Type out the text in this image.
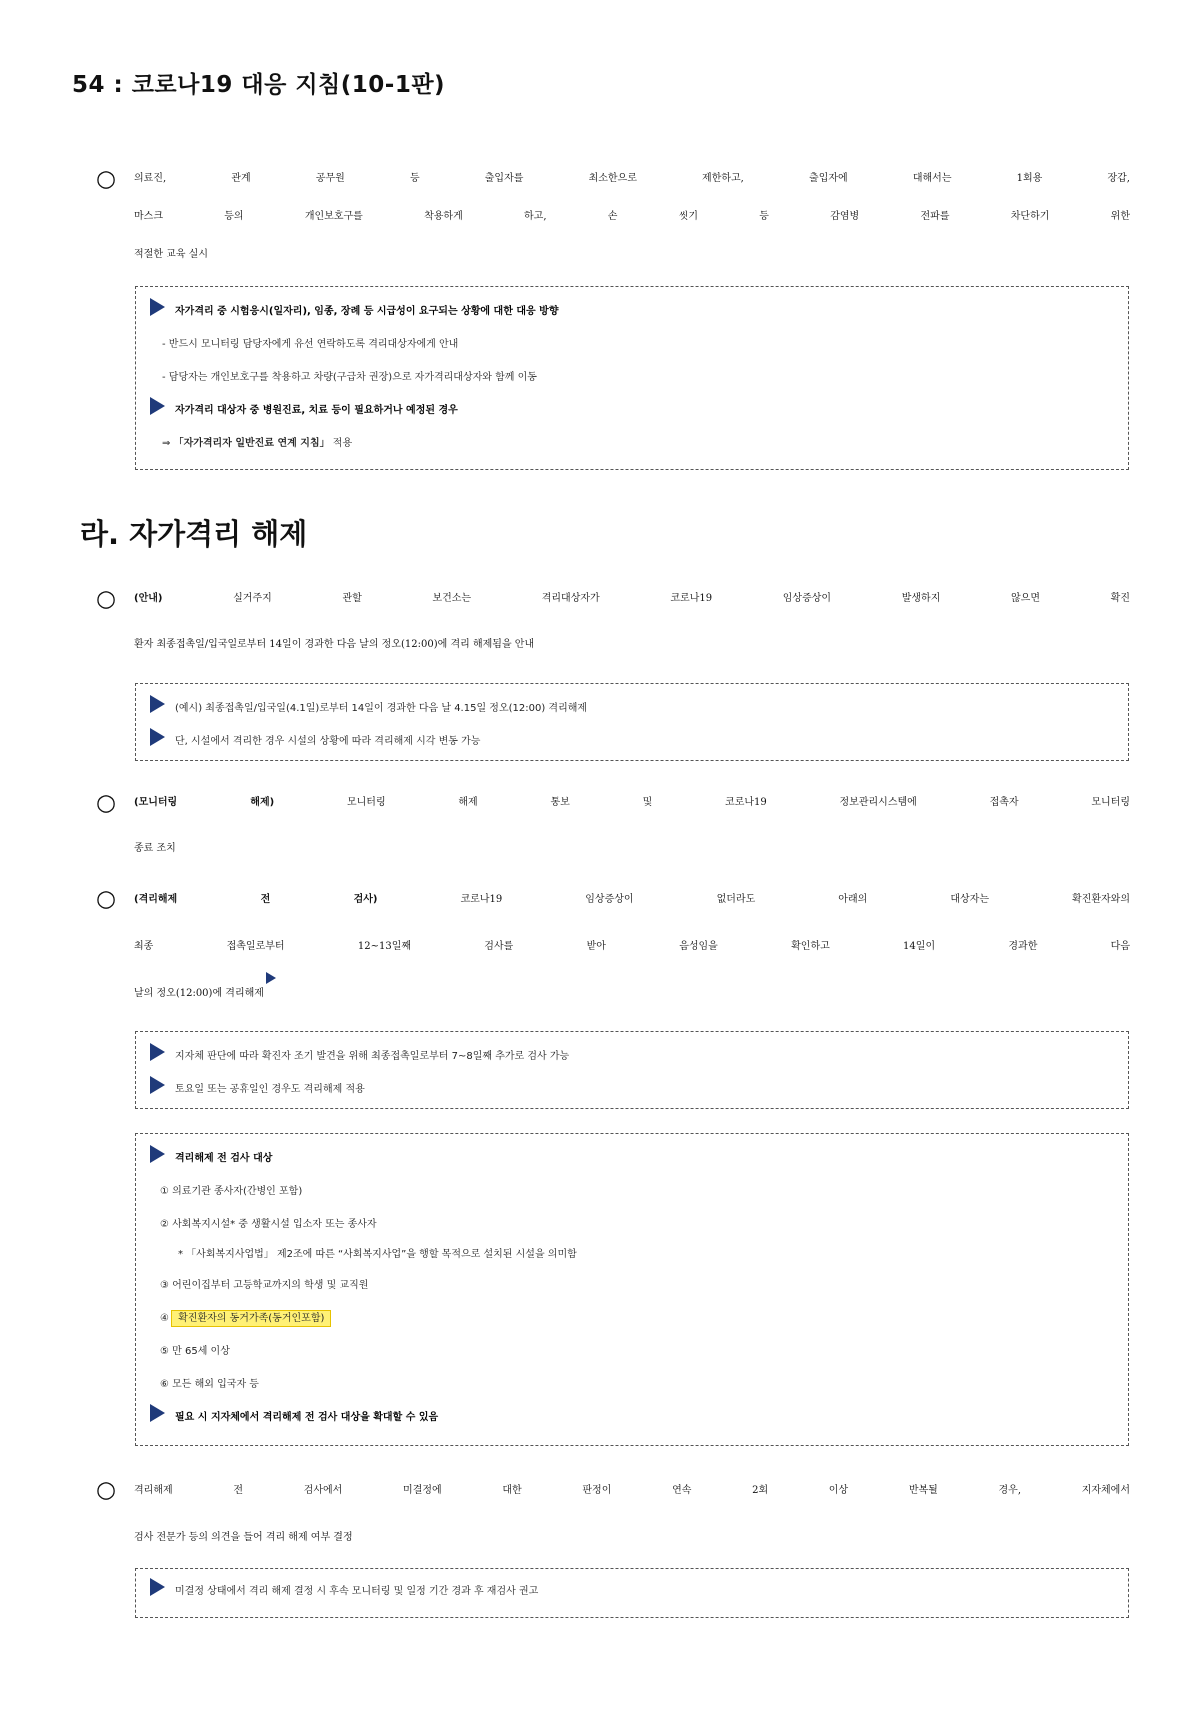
54 : 코로나19 대응 지침(10-1판)
○	의료진, 관계 공무원 등 출입자를 최소한으로 제한하고, 출입자에 대해서는 1회용 장갑,
마스크 등의 개인보호구를 착용하게 하고, 손 씻기 등 감염병 전파를 차단하기 위한
적절한 교육 실시
자가격리 중 시험응시(일자리), 임종, 장례 등 시급성이 요구되는 상황에 대한 대응 방향
- 반드시 모니터링 담당자에게 유선 연락하도록 격리대상자에게 안내
- 담당자는 개인보호구를 착용하고 차량(구급차 권장)으로 자가격리대상자와 함께 이동
자가격리 대상자 중 병원진료, 치료 등이 필요하거나 예정된 경우
⇒ 「자가격리자 일반진료 연계 지침」 적용
라. 자가격리 해제
○	(안내) 실거주지 관할 보건소는 격리대상자가 코로나19 임상증상이 발생하지 않으면 확진
환자 최종접촉일/입국일로부터 14일이 경과한 다음 날의 정오(12:00)에 격리 해제됨을 안내
(예시) 최종접촉일/입국일(4.1일)로부터 14일이 경과한 다음 날 4.15일 정오(12:00) 격리해제
단, 시설에서 격리한 경우 시설의 상황에 따라 격리해제 시각 변동 가능
○	(모니터링 해제) 모니터링 해제 통보 및 코로나19 정보관리시스템에 접촉자 모니터링
종료 조치
○	(격리해제 전 검사) 코로나19 임상증상이 없더라도 아래의 대상자는 확진환자와의
최종 접촉일로부터 12~13일째 검사를 받아 음성임을 확인하고 14일이 경과한 다음
날의 정오(12:00)에 격리해제
지자체 판단에 따라 확진자 조기 발견을 위해 최종접촉일로부터 7~8일째 추가로 검사 가능
토요일 또는 공휴일인 경우도 격리해제 적용
격리해제 전 검사 대상
① 의료기관 종사자(간병인 포함)
② 사회복지시설* 중 생활시설 입소자 또는 종사자
* 「사회복지사업법」 제2조에 따른 “사회복지사업”을 행할 목적으로 설치된 시설을 의미함
③ 어린이집부터 고등학교까지의 학생 및 교직원
④ 확진환자의 동거가족(동거인포함)
⑤ 만 65세 이상
⑥ 모든 해외 입국자 등
필요 시 지자체에서 격리해제 전 검사 대상을 확대할 수 있음
○	격리해제 전 검사에서 미결정에 대한 판정이 연속 2회 이상 반복될 경우, 지자체에서
검사 전문가 등의 의견을 들어 격리 해제 여부 결정
미결정 상태에서 격리 해제 결정 시 후속 모니터링 및 일정 기간 경과 후 재검사 권고
